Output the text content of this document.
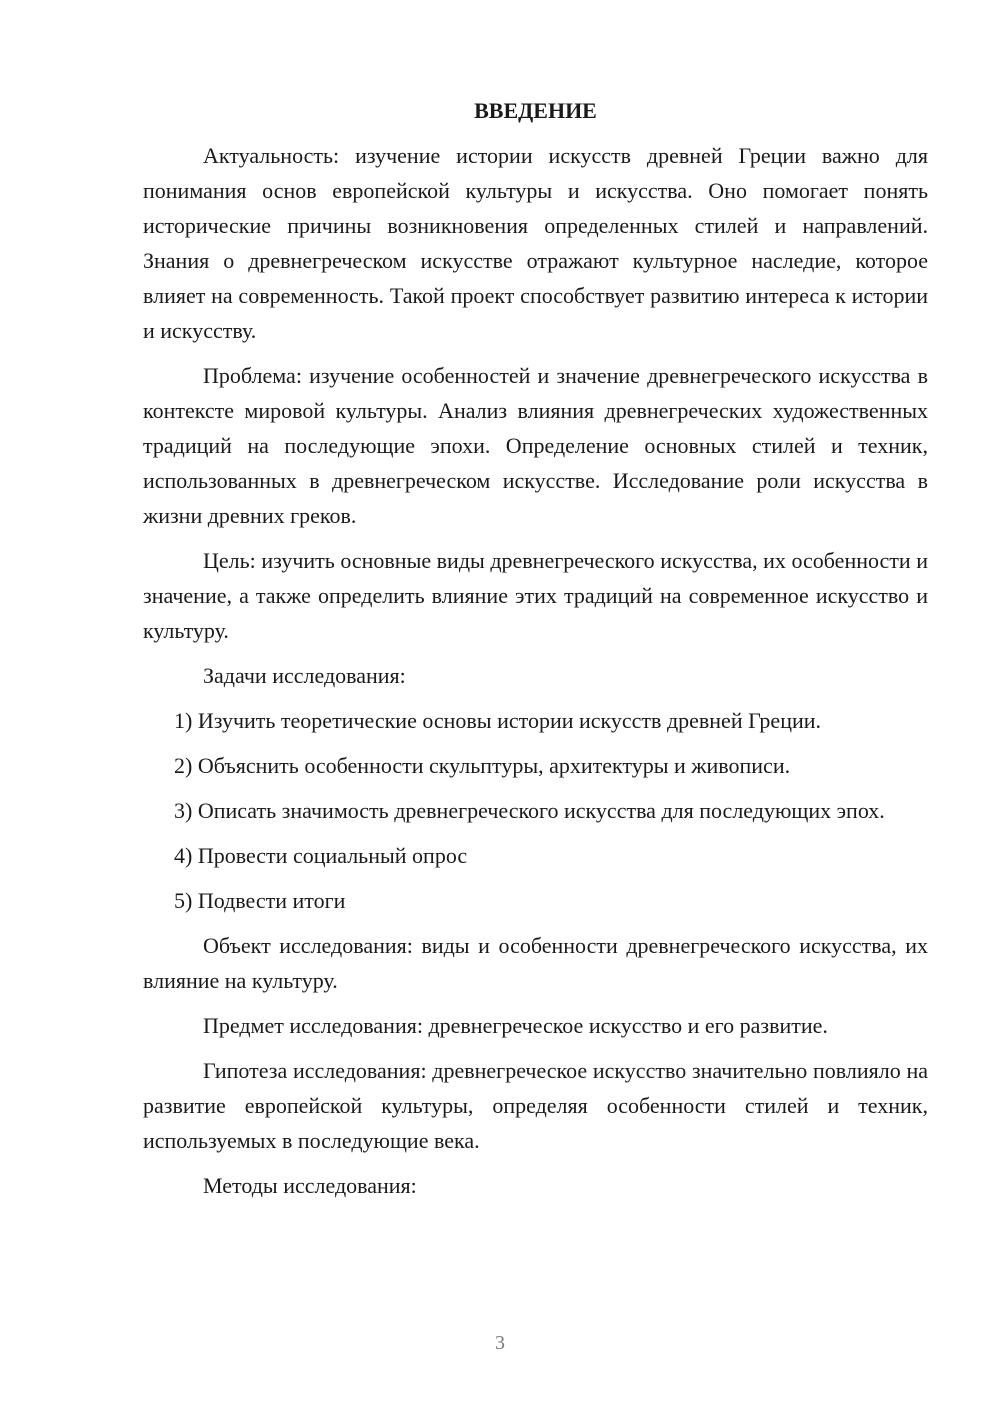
ВВЕДЕНИЕ

Актуальность: изучение истории искусств древней Греции важно для понимания основ европейской культуры и искусства. Оно помогает понять исторические причины возникновения определенных стилей и направлений. Знания о древнегреческом искусстве отражают культурное наследие, которое влияет на современность. Такой проект способствует развитию интереса к истории и искусству.

Проблема: изучение особенностей и значение древнегреческого искусства в контексте мировой культуры. Анализ влияния древнегреческих художественных традиций на последующие эпохи. Определение основных стилей и техник, использованных в древнегреческом искусстве. Исследование роли искусства в жизни древних греков.

Цель: изучить основные виды древнегреческого искусства, их особенности и значение, а также определить влияние этих традиций на современное искусство и культуру.

Задачи исследования:

1) Изучить теоретические основы истории искусств древней Греции.

2) Объяснить особенности скульптуры, архитектуры и живописи.

3) Описать значимость древнегреческого искусства для последующих эпох.

4) Провести социальный опрос

5) Подвести итоги

Объект исследования: виды и особенности древнегреческого искусства, их влияние на культуру.

Предмет исследования: древнегреческое искусство и его развитие.

Гипотеза исследования: древнегреческое искусство значительно повлияло на развитие европейской культуры, определяя особенности стилей и техник, используемых в последующие века.

Методы исследования:

3
